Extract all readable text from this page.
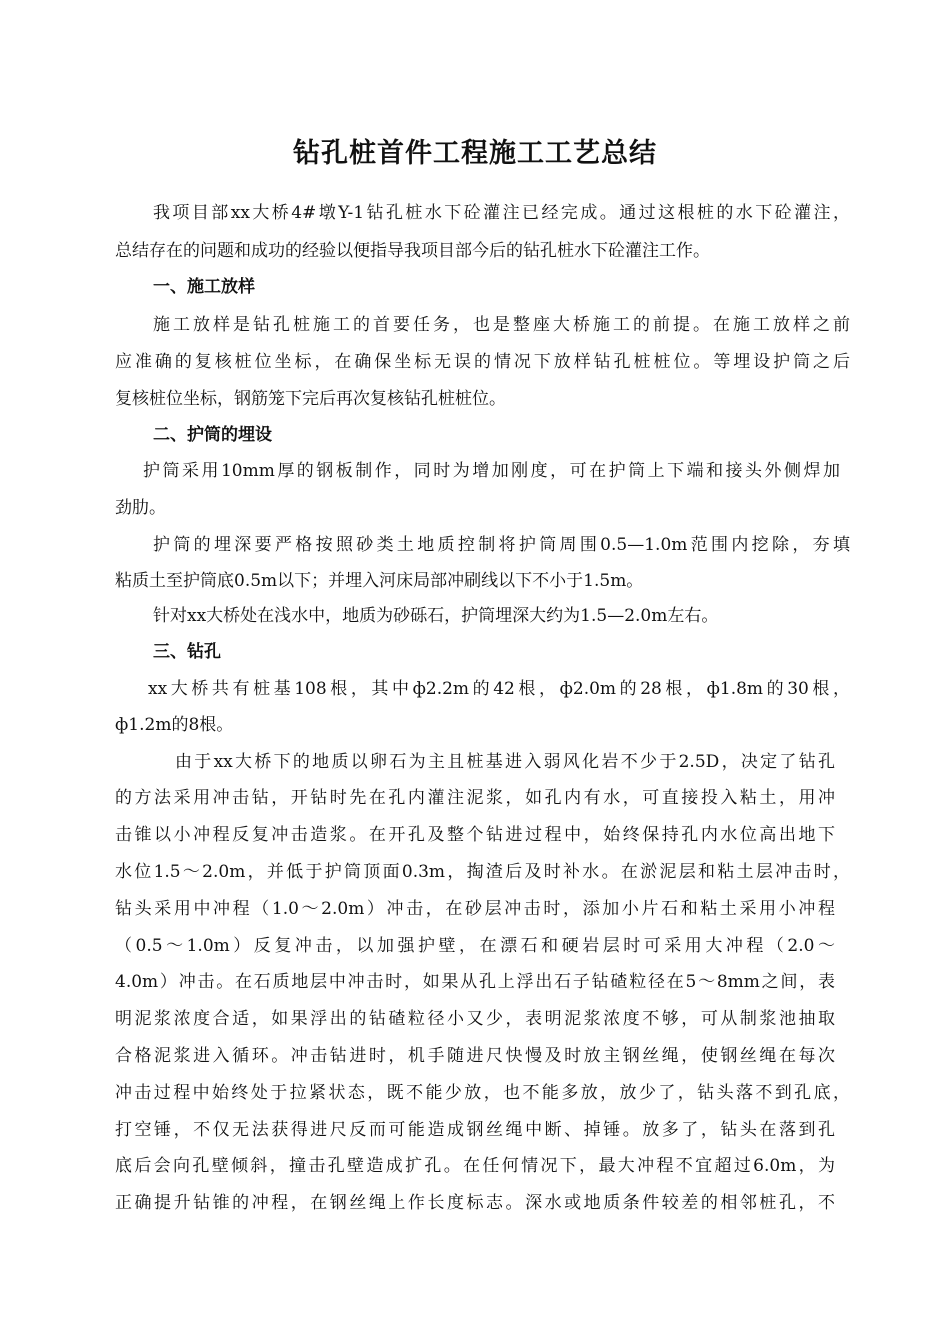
钻孔桩首件工程施工工艺总结
我项目部xx大桥4#墩Y-1钻孔桩水下砼灌注已经完成。通过这根桩的水下砼灌注，
总结存在的问题和成功的经验以便指导我项目部今后的钻孔桩水下砼灌注工作。
一、施工放样
施工放样是钻孔桩施工的首要任务，也是整座大桥施工的前提。在施工放样之前
应准确的复核桩位坐标，在确保坐标无误的情况下放样钻孔桩桩位。等埋设护筒之后
复核桩位坐标，钢筋笼下完后再次复核钻孔桩桩位。
二、护筒的埋设
护筒采用10mm厚的钢板制作，同时为增加刚度，可在护筒上下端和接头外侧焊加
劲肋。
护筒的埋深要严格按照砂类土地质控制将护筒周围0.5—1.0m范围内挖除，夯填
粘质土至护筒底0.5m以下；并埋入河床局部冲刷线以下不小于1.5m。
针对xx大桥处在浅水中，地质为砂砾石，护筒埋深大约为1.5—2.0m左右。
三、钻孔
xx大桥共有桩基108根，其中ф2.2m的42根，ф2.0m的28根，ф1.8m的30根，
ф1.2m的8根。
由于xx大桥下的地质以卵石为主且桩基进入弱风化岩不少于2.5D，决定了钻孔
的方法采用冲击钻，开钻时先在孔内灌注泥浆，如孔内有水，可直接投入粘土，用冲
击锥以小冲程反复冲击造浆。在开孔及整个钻进过程中，始终保持孔内水位高出地下
水位1.5～2.0m，并低于护筒顶面0.3m，掏渣后及时补水。在淤泥层和粘土层冲击时，
钻头采用中冲程（1.0～2.0m）冲击，在砂层冲击时，添加小片石和粘土采用小冲程
（0.5～1.0m）反复冲击，以加强护壁，在漂石和硬岩层时可采用大冲程（2.0～
4.0m）冲击。在石质地层中冲击时，如果从孔上浮出石子钻碴粒径在5～8mm之间，表
明泥浆浓度合适，如果浮出的钻碴粒径小又少，表明泥浆浓度不够，可从制浆池抽取
合格泥浆进入循环。冲击钻进时，机手随进尺快慢及时放主钢丝绳，使钢丝绳在每次
冲击过程中始终处于拉紧状态，既不能少放，也不能多放，放少了，钻头落不到孔底，
打空锤，不仅无法获得进尺反而可能造成钢丝绳中断、掉锤。放多了，钻头在落到孔
底后会向孔壁倾斜，撞击孔壁造成扩孔。在任何情况下，最大冲程不宜超过6.0m，为
正确提升钻锥的冲程，在钢丝绳上作长度标志。深水或地质条件较差的相邻桩孔，不
